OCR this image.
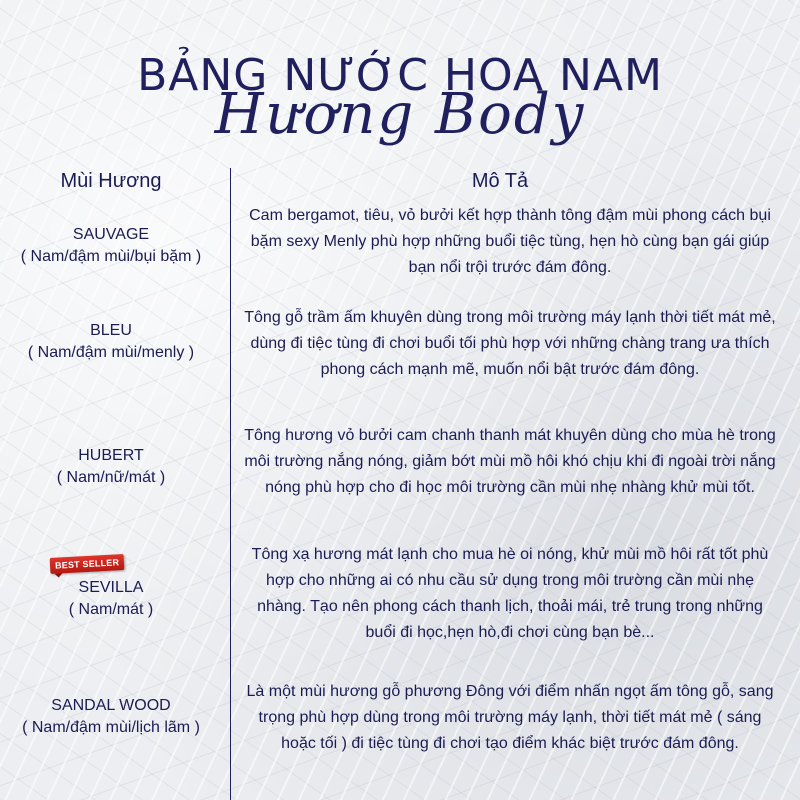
BẢNG NƯỚC HOA NAM
Hương Body
Mùi Hương	Mô Tả
SAUVAGE
( Nam/đậm mùi/bụi bặm )
Cam bergamot, tiêu, vỏ bưởi kết hợp thành tông đậm mùi phong cách bụi bặm sexy Menly phù hợp những buổi tiệc tùng, hẹn hò cùng bạn gái giúp bạn nổi trội trước đám đông.
BLEU
( Nam/đậm mùi/menly )
Tông gỗ trầm ấm khuyên dùng trong môi trường máy lạnh thời tiết mát mẻ, dùng đi tiệc tùng đi chơi buổi tối phù hợp với những chàng trang ưa thích phong cách mạnh mẽ, muốn nổi bật trước đám đông.
HUBERT
( Nam/nữ/mát )
Tông hương vỏ bưởi cam chanh thanh mát khuyên dùng cho mùa hè trong môi trường nắng nóng, giảm bớt mùi mồ hôi khó chịu khi đi ngoài trời nắng nóng phù hợp cho đi học môi trường cần mùi nhẹ nhàng khử mùi tốt.
BEST SELLER
SEVILLA
( Nam/mát )
Tông xạ hương mát lạnh cho mua hè oi nóng, khử mùi mồ hôi rất tốt phù hợp cho những ai có nhu cầu sử dụng trong môi trường cần mùi nhẹ nhàng. Tạo nên phong cách thanh lịch, thoải mái, trẻ trung trong những buổi đi học,hẹn hò,đi chơi cùng bạn bè...
SANDAL WOOD
( Nam/đậm mùi/lịch lãm )
Là một mùi hương gỗ phương Đông với điểm nhấn ngọt ấm tông gỗ, sang trọng phù hợp dùng trong môi trường máy lạnh, thời tiết mát mẻ ( sáng hoặc tối ) đi tiệc tùng đi chơi tạo điểm khác biệt trước đám đông.
